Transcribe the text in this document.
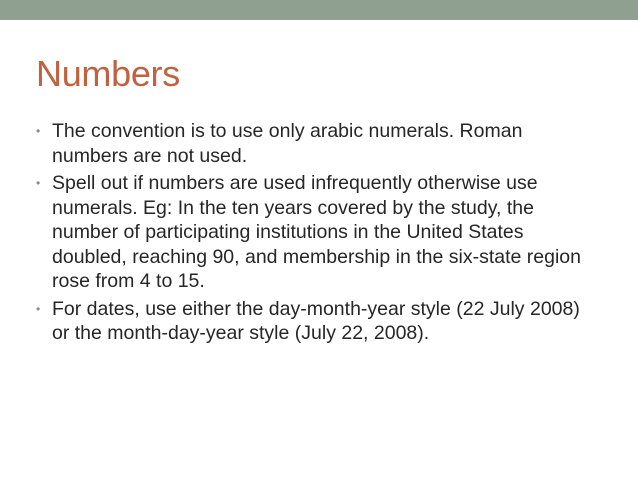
Numbers
• The convention is to use only arabic numerals. Roman numbers are not used.
• Spell out if numbers are used infrequently otherwise use numerals. Eg: In the ten years covered by the study, the number of participating institutions in the United States doubled, reaching 90, and membership in the six-state region rose from 4 to 15.
• For dates, use either the day-month-year style (22 July 2008) or the month-day-year style (July 22, 2008).
